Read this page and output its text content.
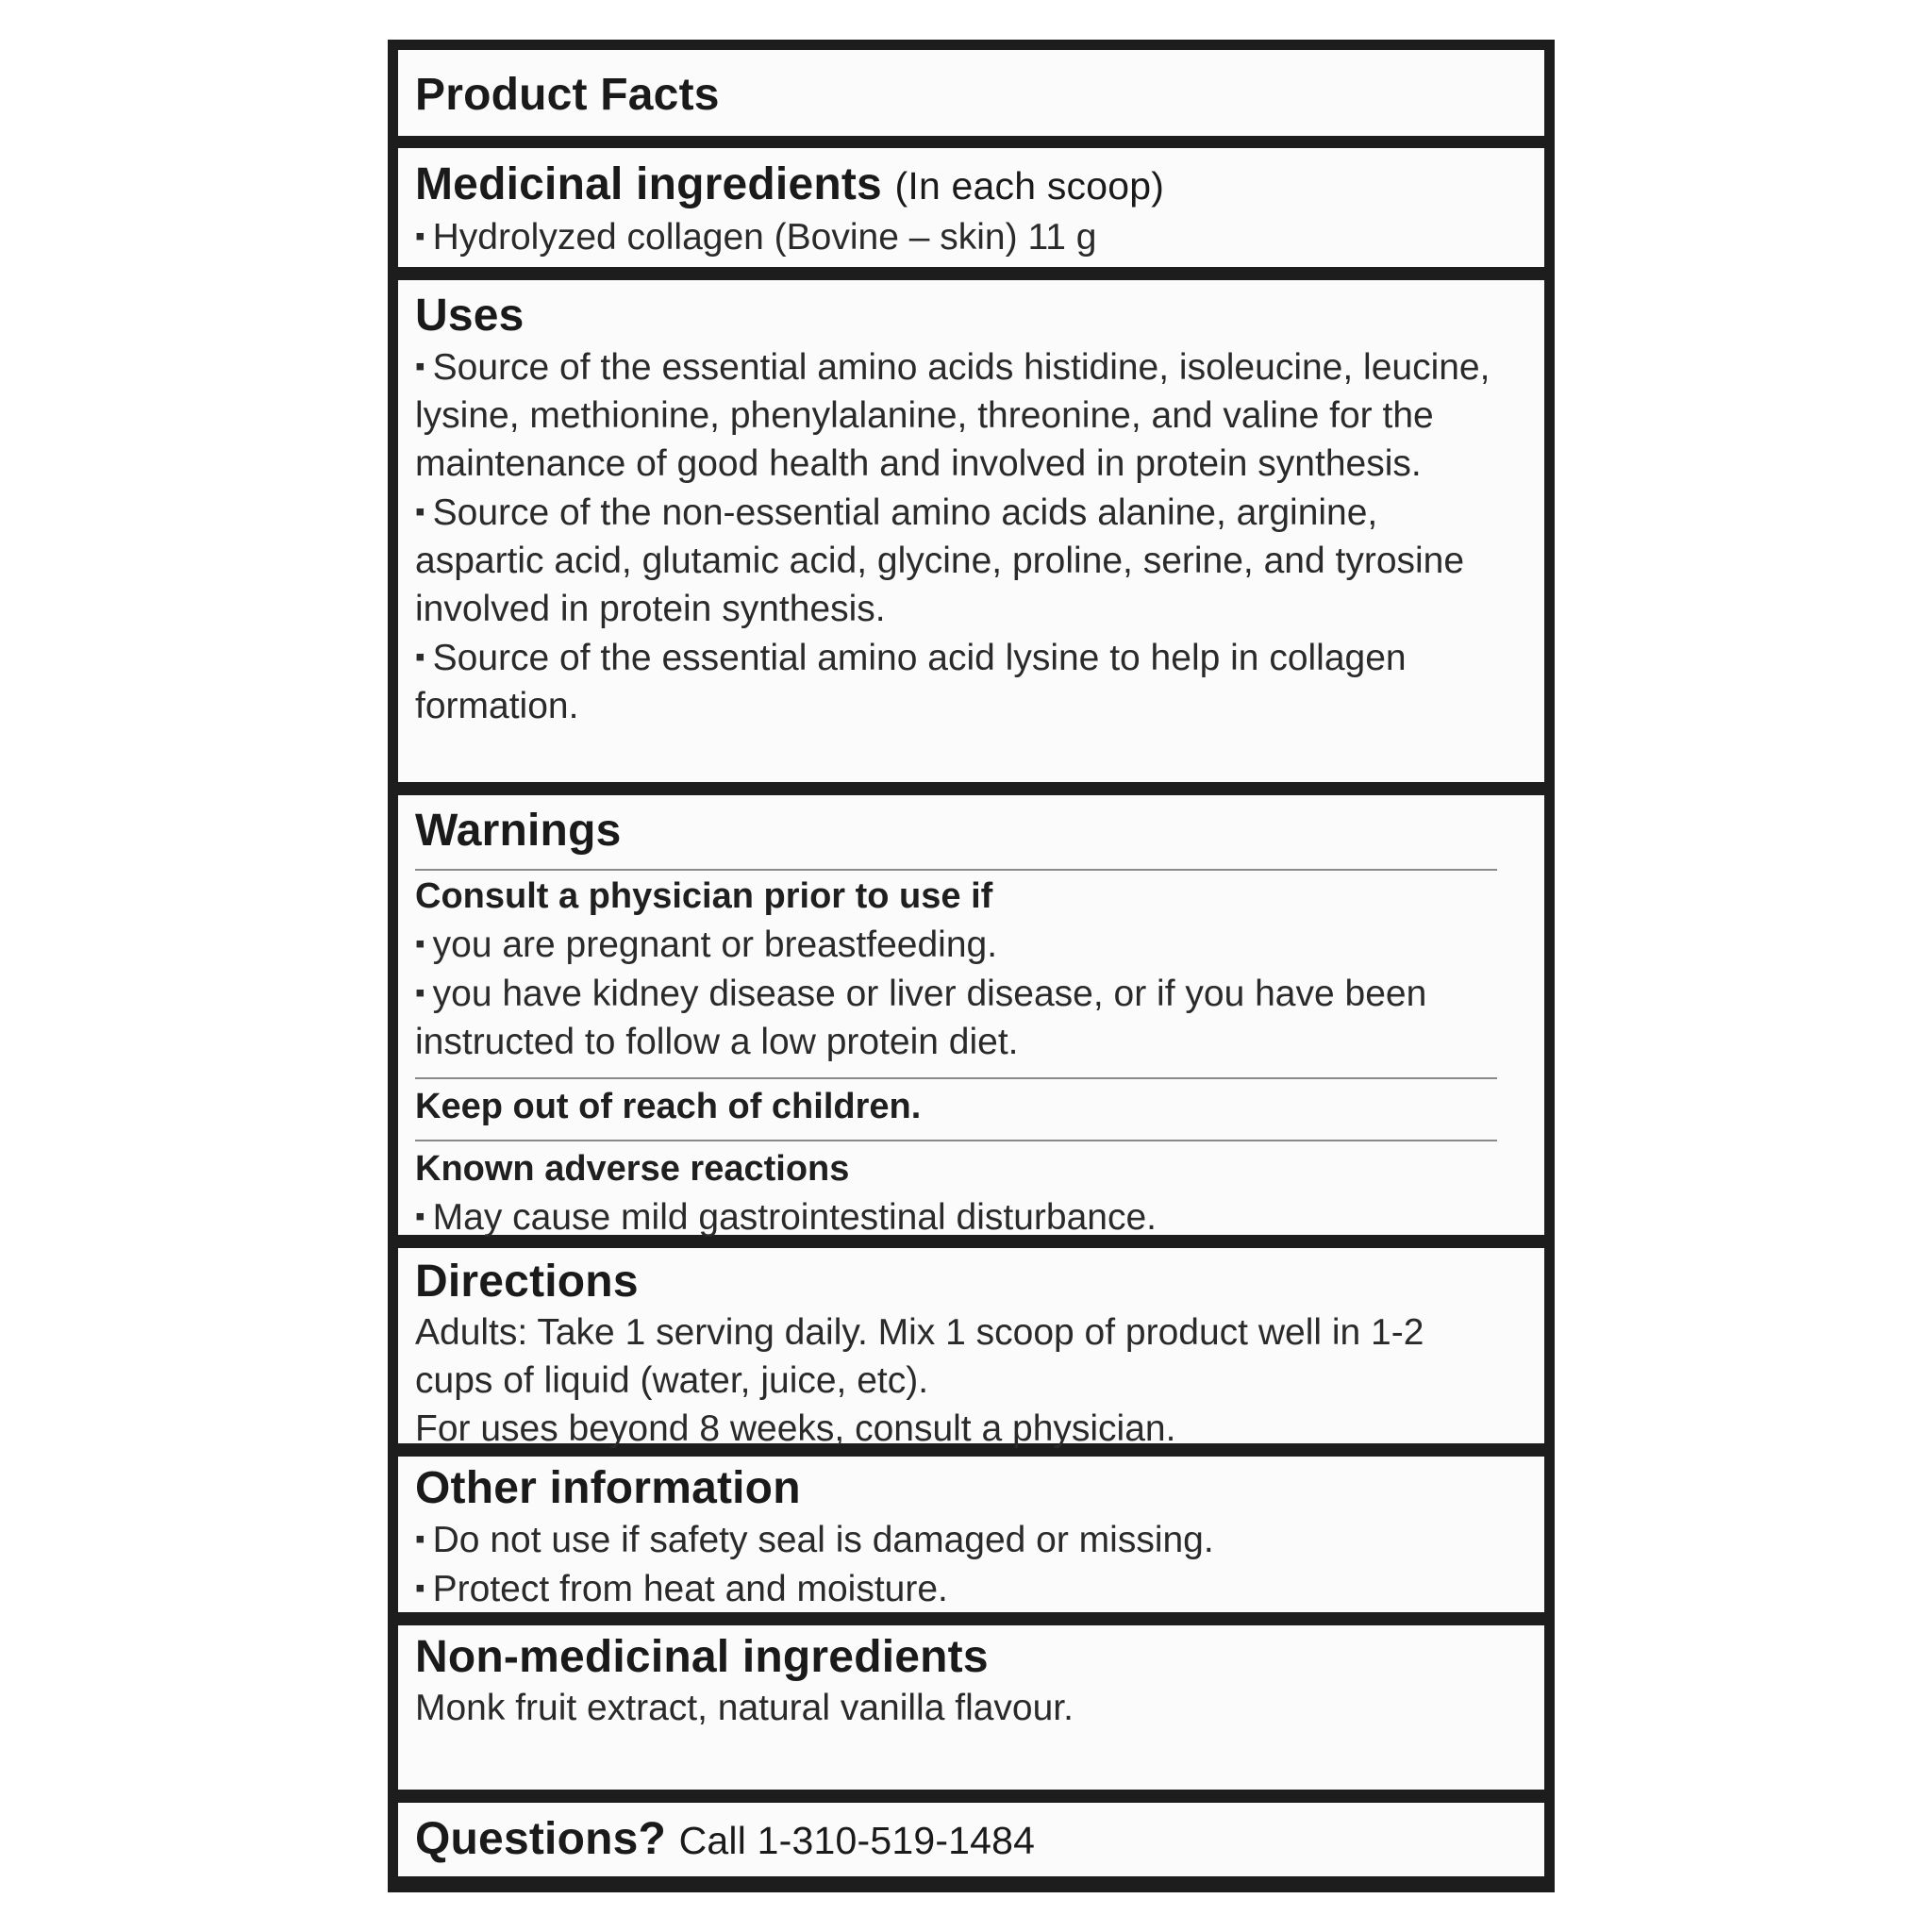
Product Facts
Medicinal ingredients (In each scoop)
▪ Hydrolyzed collagen (Bovine – skin) 11 g
Uses
▪ Source of the essential amino acids histidine, isoleucine, leucine, lysine, methionine, phenylalanine, threonine, and valine for the maintenance of good health and involved in protein synthesis.
▪ Source of the non-essential amino acids alanine, arginine, aspartic acid, glutamic acid, glycine, proline, serine, and tyrosine involved in protein synthesis.
▪ Source of the essential amino acid lysine to help in collagen formation.
Warnings
Consult a physician prior to use if
▪ you are pregnant or breastfeeding.
▪ you have kidney disease or liver disease, or if you have been instructed to follow a low protein diet.
Keep out of reach of children.
Known adverse reactions
▪ May cause mild gastrointestinal disturbance.
Directions
Adults: Take 1 serving daily. Mix 1 scoop of product well in 1-2 cups of liquid (water, juice, etc).
For uses beyond 8 weeks, consult a physician.
Other information
▪ Do not use if safety seal is damaged or missing.
▪ Protect from heat and moisture.
Non-medicinal ingredients
Monk fruit extract, natural vanilla flavour.
Questions? Call 1-310-519-1484
